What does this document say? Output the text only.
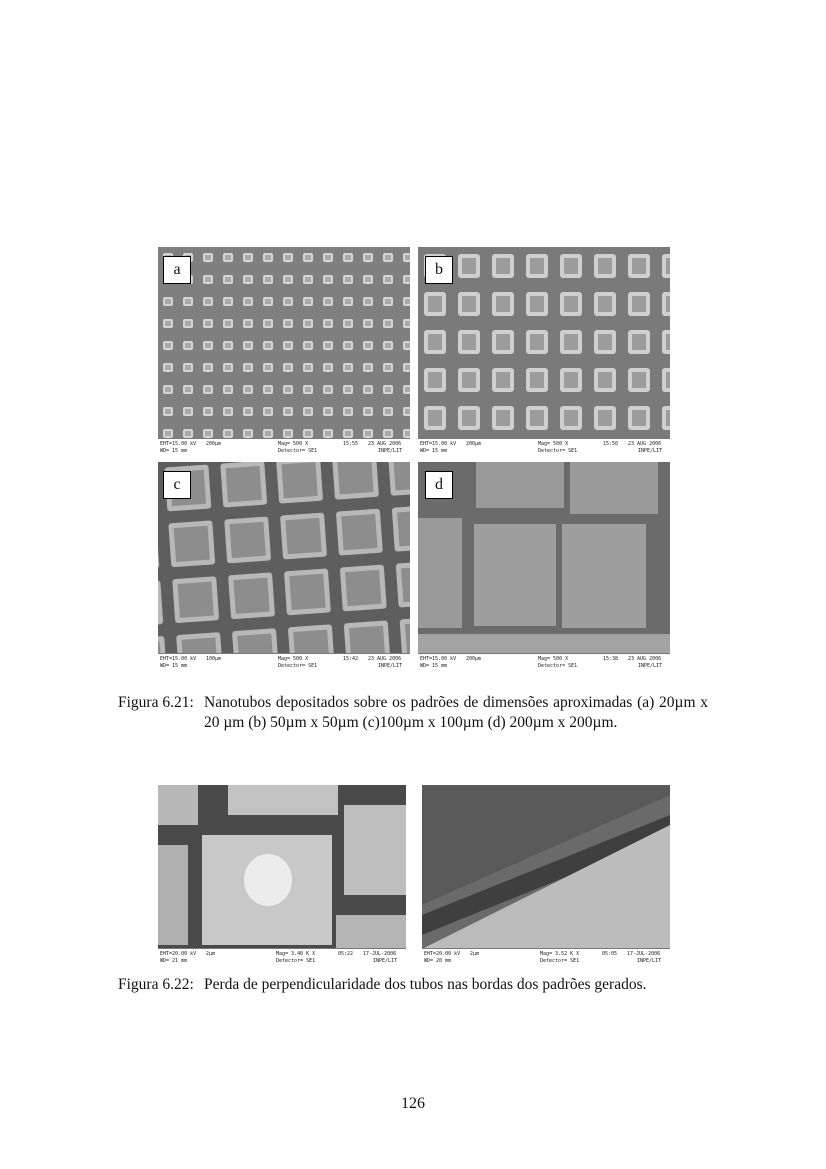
a
EHT=15.00 kV
WD= 15 mm
200µm	Mag= 500 X
Detector= SE1
15:55 23 AUG 2006
INPE/LIT
b
EHT=15.00 kV
WD= 15 mm
200µm	Mag= 500 X
Detector= SE1
15:50 23 AUG 2006
INPE/LIT
c
EHT=15.00 kV
WD= 15 mm
100µm	Mag= 500 X
Detector= SE1
15:42 23 AUG 2006
INPE/LIT
d
EHT=15.00 kV
WD= 15 mm
200µm	Mag= 500 X
Detector= SE1
15:38 23 AUG 2006
INPE/LIT
Figura 6.21: Nanotubos depositados sobre os padrões de dimensões aproximadas (a) 20µm x 20 µm (b) 50µm x 50µm (c)100µm x 100µm (d) 200µm x 200µm.
EHT=20.00 kV
WD= 21 mm
2µm	Mag= 3.40 K X
Detector= SE1
05:22 17-JUL-2006
INPE/LIT
EHT=20.00 kV
WD= 20 mm
2µm	Mag= 3.52 K X
Detector= SE1
05:05 17-JUL-2006
INPE/LIT
Figura 6.22: Perda de perpendicularidade dos tubos nas bordas dos padrões gerados.
126
